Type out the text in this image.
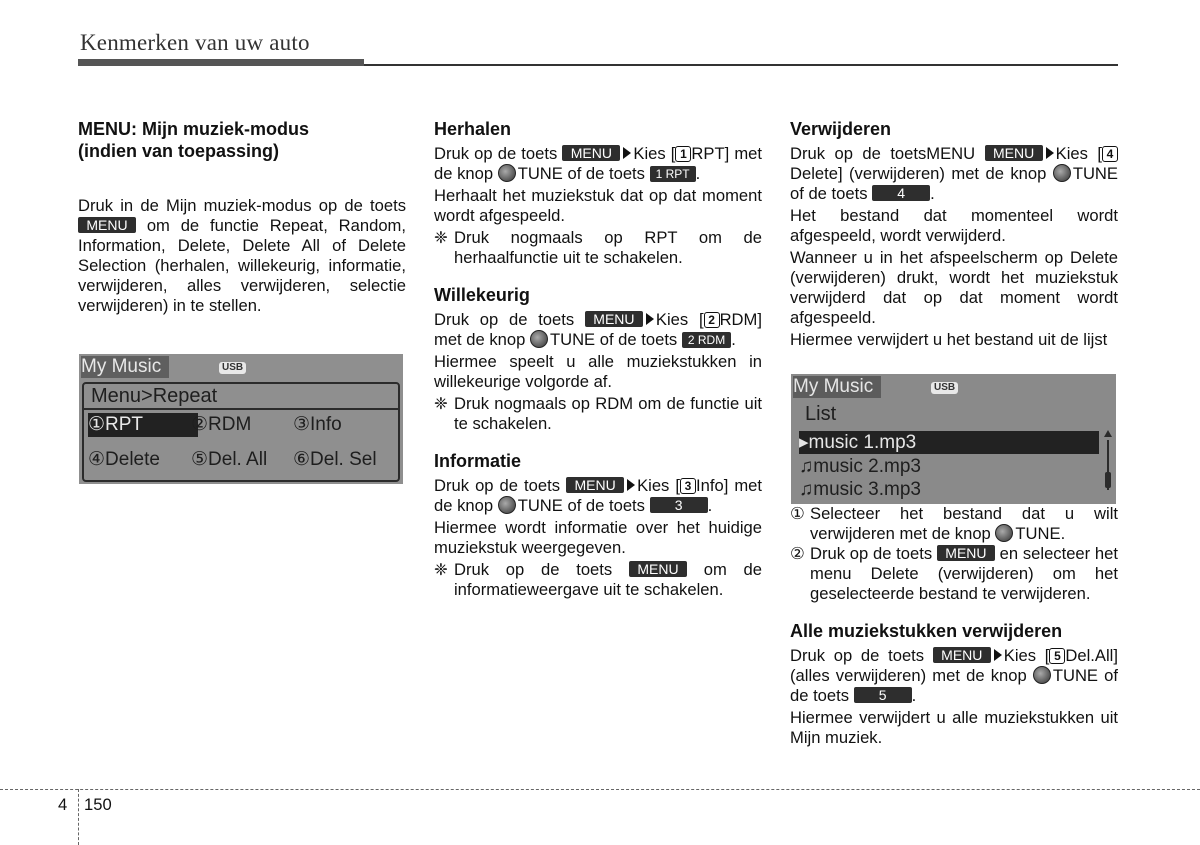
Kenmerken van uw auto
MENU: Mijn muziek-modus
(indien van toepassing)

Druk in de Mijn muziek-modus op de toets MENU om de functie Repeat, Random, Information, Delete, Delete All of Delete Selection (herhalen, willekeurig, informatie, verwijderen, alles verwijderen, selectie verwijderen) in te stellen.

My Music	USB
Menu>Repeat
①RPT	②RDM ③Info
④Delete ⑤Del. All ⑥Del. Sel
Herhalen

Druk op de toets MENU Kies [ 1 RPT] met de knop TUNE of de toets 1 RPT .

Herhaalt het muziekstuk dat op dat moment wordt afgespeeld.

❈ Druk nogmaals op RPT om de herhaalfunctie uit te schakelen.
Willekeurig

Druk op de toets MENU Kies [ 2 RDM] met de knop TUNE of de toets 2 RDM .

Hiermee speelt u alle muziekstukken in willekeurige volgorde af.

❈ Druk nogmaals op RDM om de functie uit te schakelen.
Informatie

Druk op de toets MENU Kies [ 3 Info] met de knop TUNE of de toets 3 .

Hiermee wordt informatie over het huidige muziekstuk weergegeven.

❈ Druk op de toets MENU om de informatieweergave uit te schakelen.
Verwijderen

Druk op de toetsMENU MENU Kies [ 4Delete] (verwijderen) met de knop TUNE of de toets 4 .

Het bestand dat momenteel wordt afgespeeld, wordt verwijderd.

Wanneer u in het afspeelscherm op Delete (verwijderen) drukt, wordt het muziekstuk verwijderd dat op dat moment wordt afgespeeld.

Hiermee verwijdert u het bestand uit de lijst

① Selecteer het bestand dat u wilt verwijderen met de knop TUNE.
② Druk op de toets MENU en selecteer het menu Delete (verwijderen) om het geselecteerde bestand te verwijderen.
Alle muziekstukken verwijderen

Druk op de toets MENU Kies [ 5 Del.All] (alles verwijderen) met de knop TUNE of de toets 5 .

Hiermee verwijdert u alle muziekstukken uit Mijn muziek.

My Music	USB
List
▸music 1.mp3
♫music 2.mp3
♫music 3.mp3
4 150
